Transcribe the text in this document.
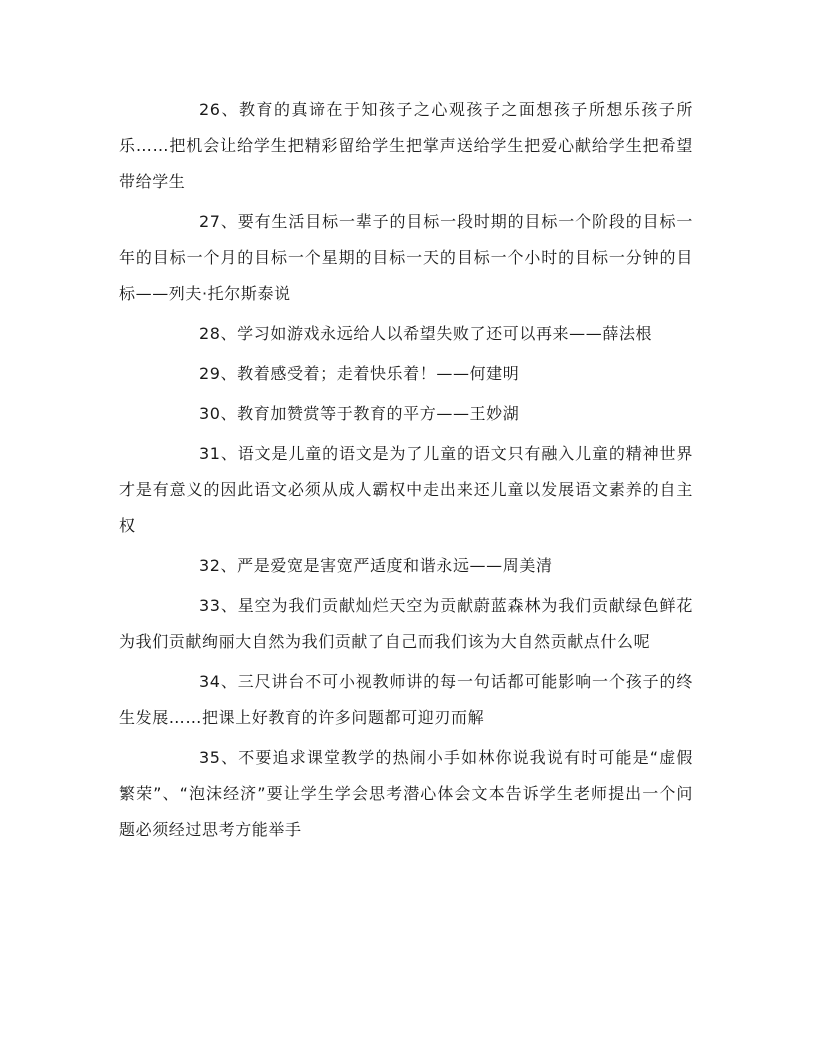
26、教育的真谛在于知孩子之心观孩子之面想孩子所想乐孩子所乐……把机会让给学生把精彩留给学生把掌声送给学生把爱心献给学生把希望带给学生

27、要有生活目标一辈子的目标一段时期的目标一个阶段的目标一年的目标一个月的目标一个星期的目标一天的目标一个小时的目标一分钟的目标——列夫·托尔斯泰说

28、学习如游戏永远给人以希望失败了还可以再来——薛法根

29、教着感受着；走着快乐着！——何建明

30、教育加赞赏等于教育的平方——王妙湖

31、语文是儿童的语文是为了儿童的语文只有融入儿童的精神世界才是有意义的因此语文必须从成人霸权中走出来还儿童以发展语文素养的自主权

32、严是爱宽是害宽严适度和谐永远——周美清

33、星空为我们贡献灿烂天空为贡献蔚蓝森林为我们贡献绿色鲜花为我们贡献绚丽大自然为我们贡献了自己而我们该为大自然贡献点什么呢

34、三尺讲台不可小视教师讲的每一句话都可能影响一个孩子的终生发展……把课上好教育的许多问题都可迎刃而解

35、不要追求课堂教学的热闹小手如林你说我说有时可能是“虚假繁荣”、“泡沫经济”要让学生学会思考潜心体会文本告诉学生老师提出一个问题必须经过思考方能举手
